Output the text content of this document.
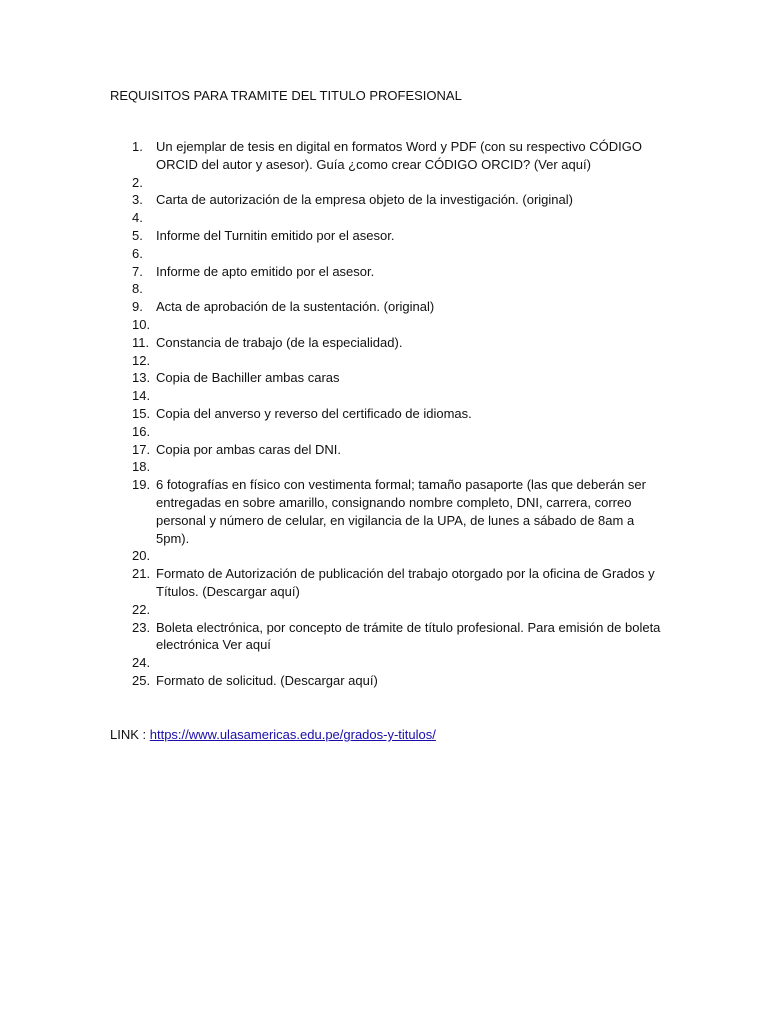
REQUISITOS PARA TRAMITE DEL TITULO PROFESIONAL
1.	Un ejemplar de tesis en digital en formatos Word y PDF (con su respectivo CÓDIGO ORCID del autor y asesor). Guía ¿como crear CÓDIGO ORCID? (Ver aquí)
2.
3.	Carta de autorización de la empresa objeto de la investigación. (original)
4.
5.	Informe del Turnitin emitido por el asesor.
6.
7.	Informe de apto emitido por el asesor.
8.
9.	Acta de aprobación de la sustentación. (original)
10.
11. Constancia de trabajo (de la especialidad).
12.
13. Copia de Bachiller ambas caras
14.
15. Copia del anverso y reverso del certificado de idiomas.
16.
17. Copia por ambas caras del DNI.
18.
19. 6 fotografías en físico con vestimenta formal; tamaño pasaporte (las que deberán ser entregadas en sobre amarillo, consignando nombre completo, DNI, carrera, correo personal y número de celular, en vigilancia de la UPA, de lunes a sábado de 8am a 5pm).
20.
21. Formato de Autorización de publicación del trabajo otorgado por la oficina de Grados y Títulos. (Descargar aquí)
22.
23. Boleta electrónica, por concepto de trámite de título profesional. Para emisión de boleta electrónica Ver aquí
24.
25. Formato de solicitud. (Descargar aquí)
LINK : https://www.ulasamericas.edu.pe/grados-y-titulos/
